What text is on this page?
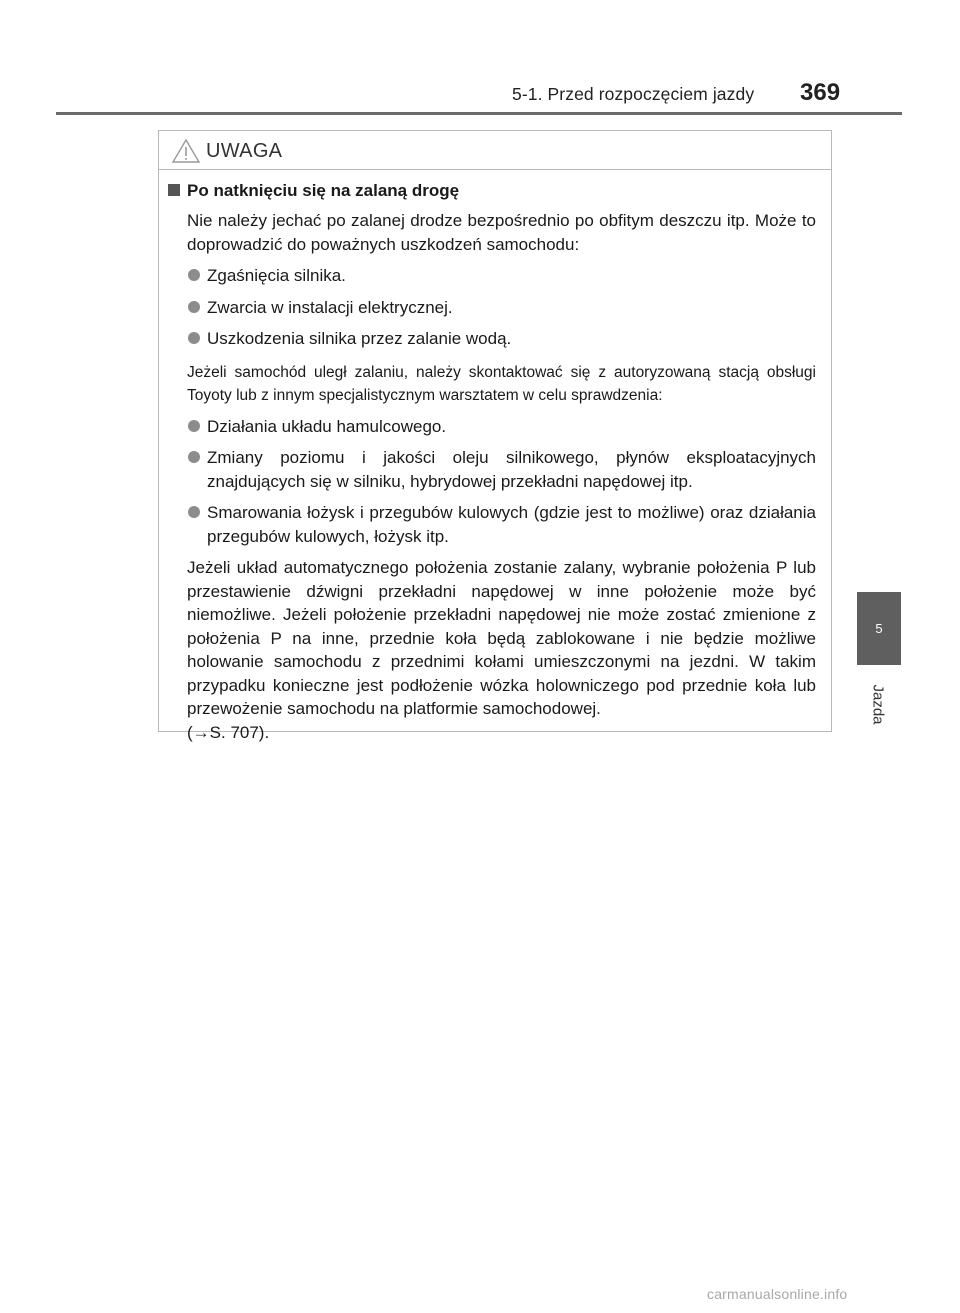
5-1. Przed rozpoczęciem jazdy 369
5
Jazda
UWAGA
Po natknięciu się na zalaną drogę
Nie należy jechać po zalanej drodze bezpośrednio po obfitym deszczu itp. Może to doprowadzić do poważnych uszkodzeń samochodu:
Zgaśnięcia silnika.
Zwarcia w instalacji elektrycznej.
Uszkodzenia silnika przez zalanie wodą.
Jeżeli samochód uległ zalaniu, należy skontaktować się z autoryzowaną stacją obsługi Toyoty lub z innym specjalistycznym warsztatem w celu sprawdzenia:
Działania układu hamulcowego.
Zmiany poziomu i jakości oleju silnikowego, płynów eksploatacyjnych znajdujących się w silniku, hybrydowej przekładni napędowej itp.
Smarowania łożysk i przegubów kulowych (gdzie jest to możliwe) oraz działania przegubów kulowych, łożysk itp.
Jeżeli układ automatycznego położenia zostanie zalany, wybranie położenia P lub przestawienie dźwigni przekładni napędowej w inne położenie może być niemożliwe. Jeżeli położenie przekładni napędowej nie może zostać zmienione z położenia P na inne, przednie koła będą zablokowane i nie będzie możliwe holowanie samochodu z przednimi kołami umieszczonymi na jezdni. W takim przypadku konieczne jest podłożenie wózka holowniczego pod przednie koła lub przewożenie samochodu na platformie samochodowej.
(→S. 707).
carmanualsonline.info
